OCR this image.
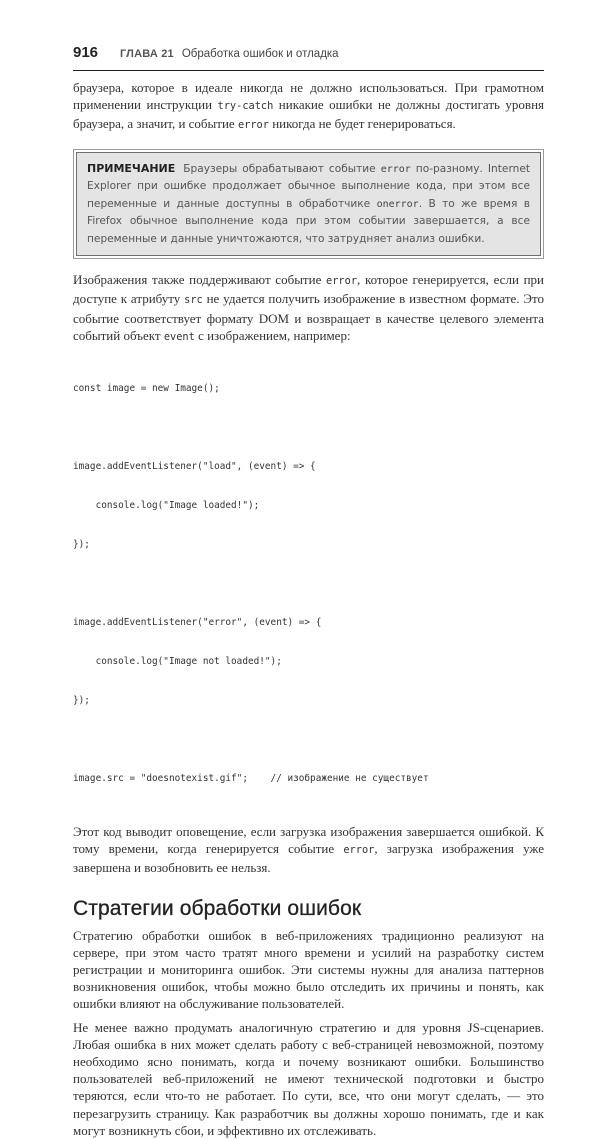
916	ГЛАВА 21 Обработка ошибок и отладка

браузера, которое в идеале никогда не должно использоваться. При грамотном применении инструкции try-catch никакие ошибки не должны достигать уровня браузера, а значит, и событие error никогда не будет генерироваться.

ПРИМЕЧАНИЕ Браузеры обрабатывают событие error по-разному. Internet Explorer при ошибке продолжает обычное выполнение кода, при этом все переменные и данные доступны в обработчике onerror. В то же время в Firefox обычное выполнение кода при этом событии завершается, а все переменные и данные уничтожаются, что затрудняет анализ ошибки.

Изображения также поддерживают событие error, которое генерируется, если при доступе к атрибуту src не удается получить изображение в известном формате. Это событие соответствует формату DOM и возвращает в качестве целевого элемента событий объект event с изображением, например:

const image = new Image();

image.addEventListener("load", (event) => {

console.log("Image loaded!");

});

image.addEventListener("error", (event) => {

console.log("Image not loaded!");

});

image.src = "doesnotexist.gif";    // изображение не существует

Этот код выводит оповещение, если загрузка изображения завершается ошибкой. К тому времени, когда генерируется событие error, загрузка изображения уже завершена и возобновить ее нельзя.

Стратегии обработки ошибок

Стратегию обработки ошибок в веб-приложениях традиционно реализуют на сервере, при этом часто тратят много времени и усилий на разработку систем регистрации и мониторинга ошибок. Эти системы нужны для анализа паттернов возникновения ошибок, чтобы можно было отследить их причины и понять, как ошибки влияют на обслуживание пользователей.

Не менее важно продумать аналогичную стратегию и для уровня JS-сценариев. Любая ошибка в них может сделать работу с веб-страницей невозможной, поэтому необходимо ясно понимать, когда и почему возникают ошибки. Большинство пользователей веб-приложений не имеют технической подготовки и быстро теряются, если что-то не работает. По сути, все, что они могут сделать, — это перезагрузить страницу. Как разработчик вы должны хорошо понимать, где и как могут возникнуть сбои, и эффективно их отслеживать.
